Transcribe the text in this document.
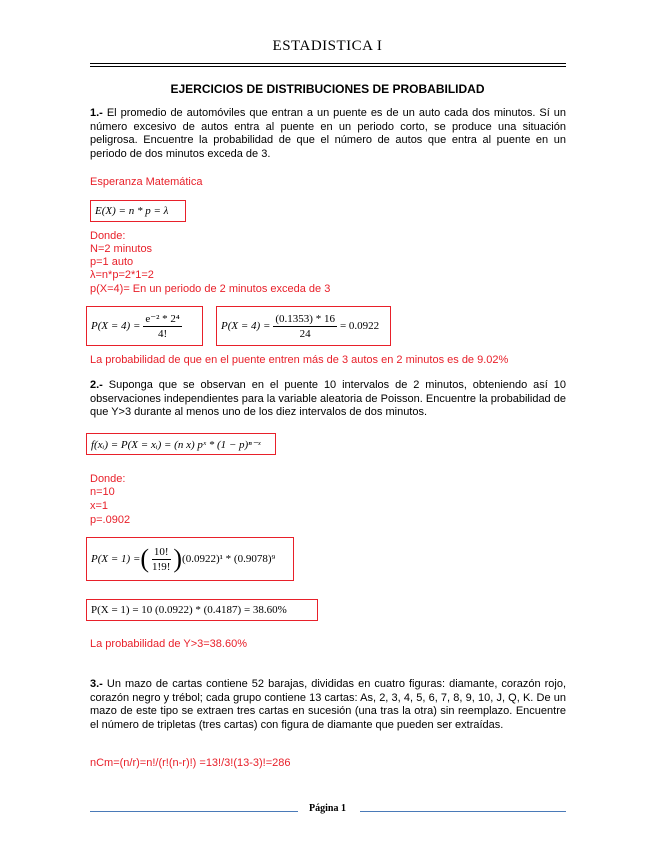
ESTADISTICA I
EJERCICIOS DE DISTRIBUCIONES DE PROBABILIDAD

1.- El promedio de automóviles que entran a un puente es de un auto cada dos minutos. Sí un número excesivo de autos entra al puente en un periodo corto, se produce una situación peligrosa. Encuentre la probabilidad de que el número de autos que entra al puente en un periodo de dos minutos exceda de 3.

Esperanza Matemática
E(X) = n * p = λ
Donde:
N=2 minutos
p=1 auto
λ=n*p=2*1=2
p(X=4)= En un periodo de 2 minutos exceda de 3
$P(X = 4) = \frac{\text{e⁻² * 2⁴}}{4!}$	$P(X = 4) = \frac{(0.1353) * 16}{24} = 0.0922$
La probabilidad de que en el puente entren más de 3 autos en 2 minutos es de 9.02%

2.- Suponga que se observan en el puente 10 intervalos de 2 minutos, obteniendo así 10 observaciones independientes para la variable aleatoria de Poisson. Encuentre la probabilidad de que Y>3 durante al menos uno de los diez intervalos de dos minutos.

f(xᵢ) = P(X = xᵢ) = (n x) pˣ * (1 − p)ⁿ⁻ˣ
Donde:
n=10
x=1
p=.0902
P(X = 1) = ( $\frac{10!}{1!9!}$ ) (0.0922)¹ * (0.9078)⁹
P(X = 1) = 10 (0.0922) * (0.4187) = 38.60%
La probabilidad de Y>3=38.60%

3.- Un mazo de cartas contiene 52 barajas, divididas en cuatro figuras: diamante, corazón rojo, corazón negro y trébol; cada grupo contiene 13 cartas: As, 2, 3, 4, 5, 6, 7, 8, 9, 10, J, Q, K. De un mazo de este tipo se extraen tres cartas en sucesión (una tras la otra) sin reemplazo. Encuentre el número de tripletas (tres cartas) con figura de diamante que pueden ser extraídas.

nCm=(n/r)=n!/(r!(n-r)!) =13!/3!(13-3)!=286
Página 1
